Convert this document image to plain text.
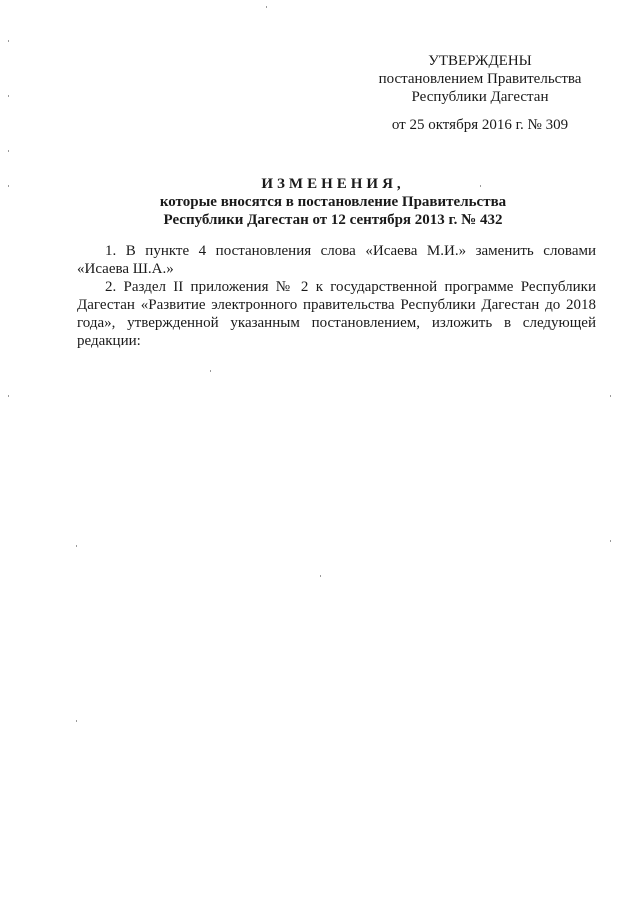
УТВЕРЖДЕНЫ
постановлением Правительства
Республики Дагестан
от 25 октября 2016 г. № 309
ИЗМЕНЕНИЯ,
которые вносятся в постановление Правительства
Республики Дагестан от 12 сентября 2013 г. № 432

1. В пункте 4 постановления слова «Исаева М.И.» заменить словами «Исаева Ш.А.»

2. Раздел II приложения № 2 к государственной программе Республики Дагестан «Развитие электронного правительства Республики Дагестан до 2018 года», утвержденной указанным постановлением, изложить в следующей редакции:
